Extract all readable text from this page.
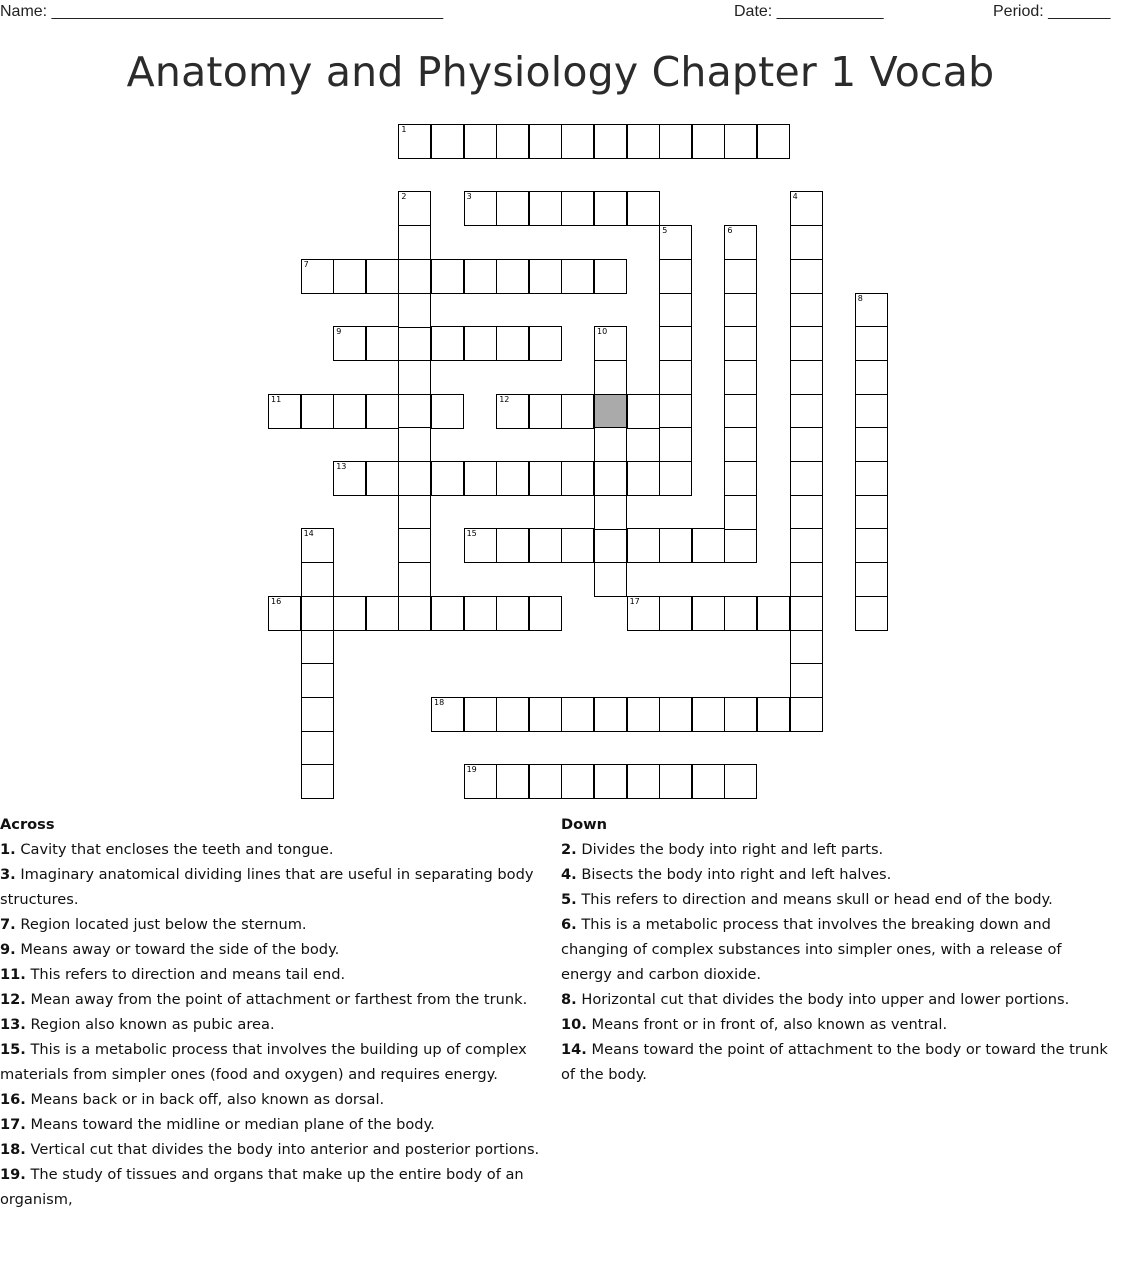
Name: ____________________________________________	Date: ____________	Period: _______
Anatomy and Physiology Chapter 1 Vocab
1
3
7
9
11	12
13
15
16	17
18
19
2	4
5	6
8
10
14
Across
1. Cavity that encloses the teeth and tongue.
3. Imaginary anatomical dividing lines that are useful in separating body structures.
7. Region located just below the sternum.
9. Means away or toward the side of the body.
11. This refers to direction and means tail end.
12. Mean away from the point of attachment or farthest from the trunk.
13. Region also known as pubic area.
15. This is a metabolic process that involves the building up of complex materials from simpler ones (food and oxygen) and requires energy.
16. Means back or in back off, also known as dorsal.
17. Means toward the midline or median plane of the body.
18. Vertical cut that divides the body into anterior and posterior portions.
19. The study of tissues and organs that make up the entire body of an organism,
Down
2. Divides the body into right and left parts.
4. Bisects the body into right and left halves.
5. This refers to direction and means skull or head end of the body.
6. This is a metabolic process that involves the breaking down and changing of complex substances into simpler ones, with a release of energy and carbon dioxide.
8. Horizontal cut that divides the body into upper and lower portions.
10. Means front or in front of, also known as ventral.
14. Means toward the point of attachment to the body or toward the trunk of the body.
